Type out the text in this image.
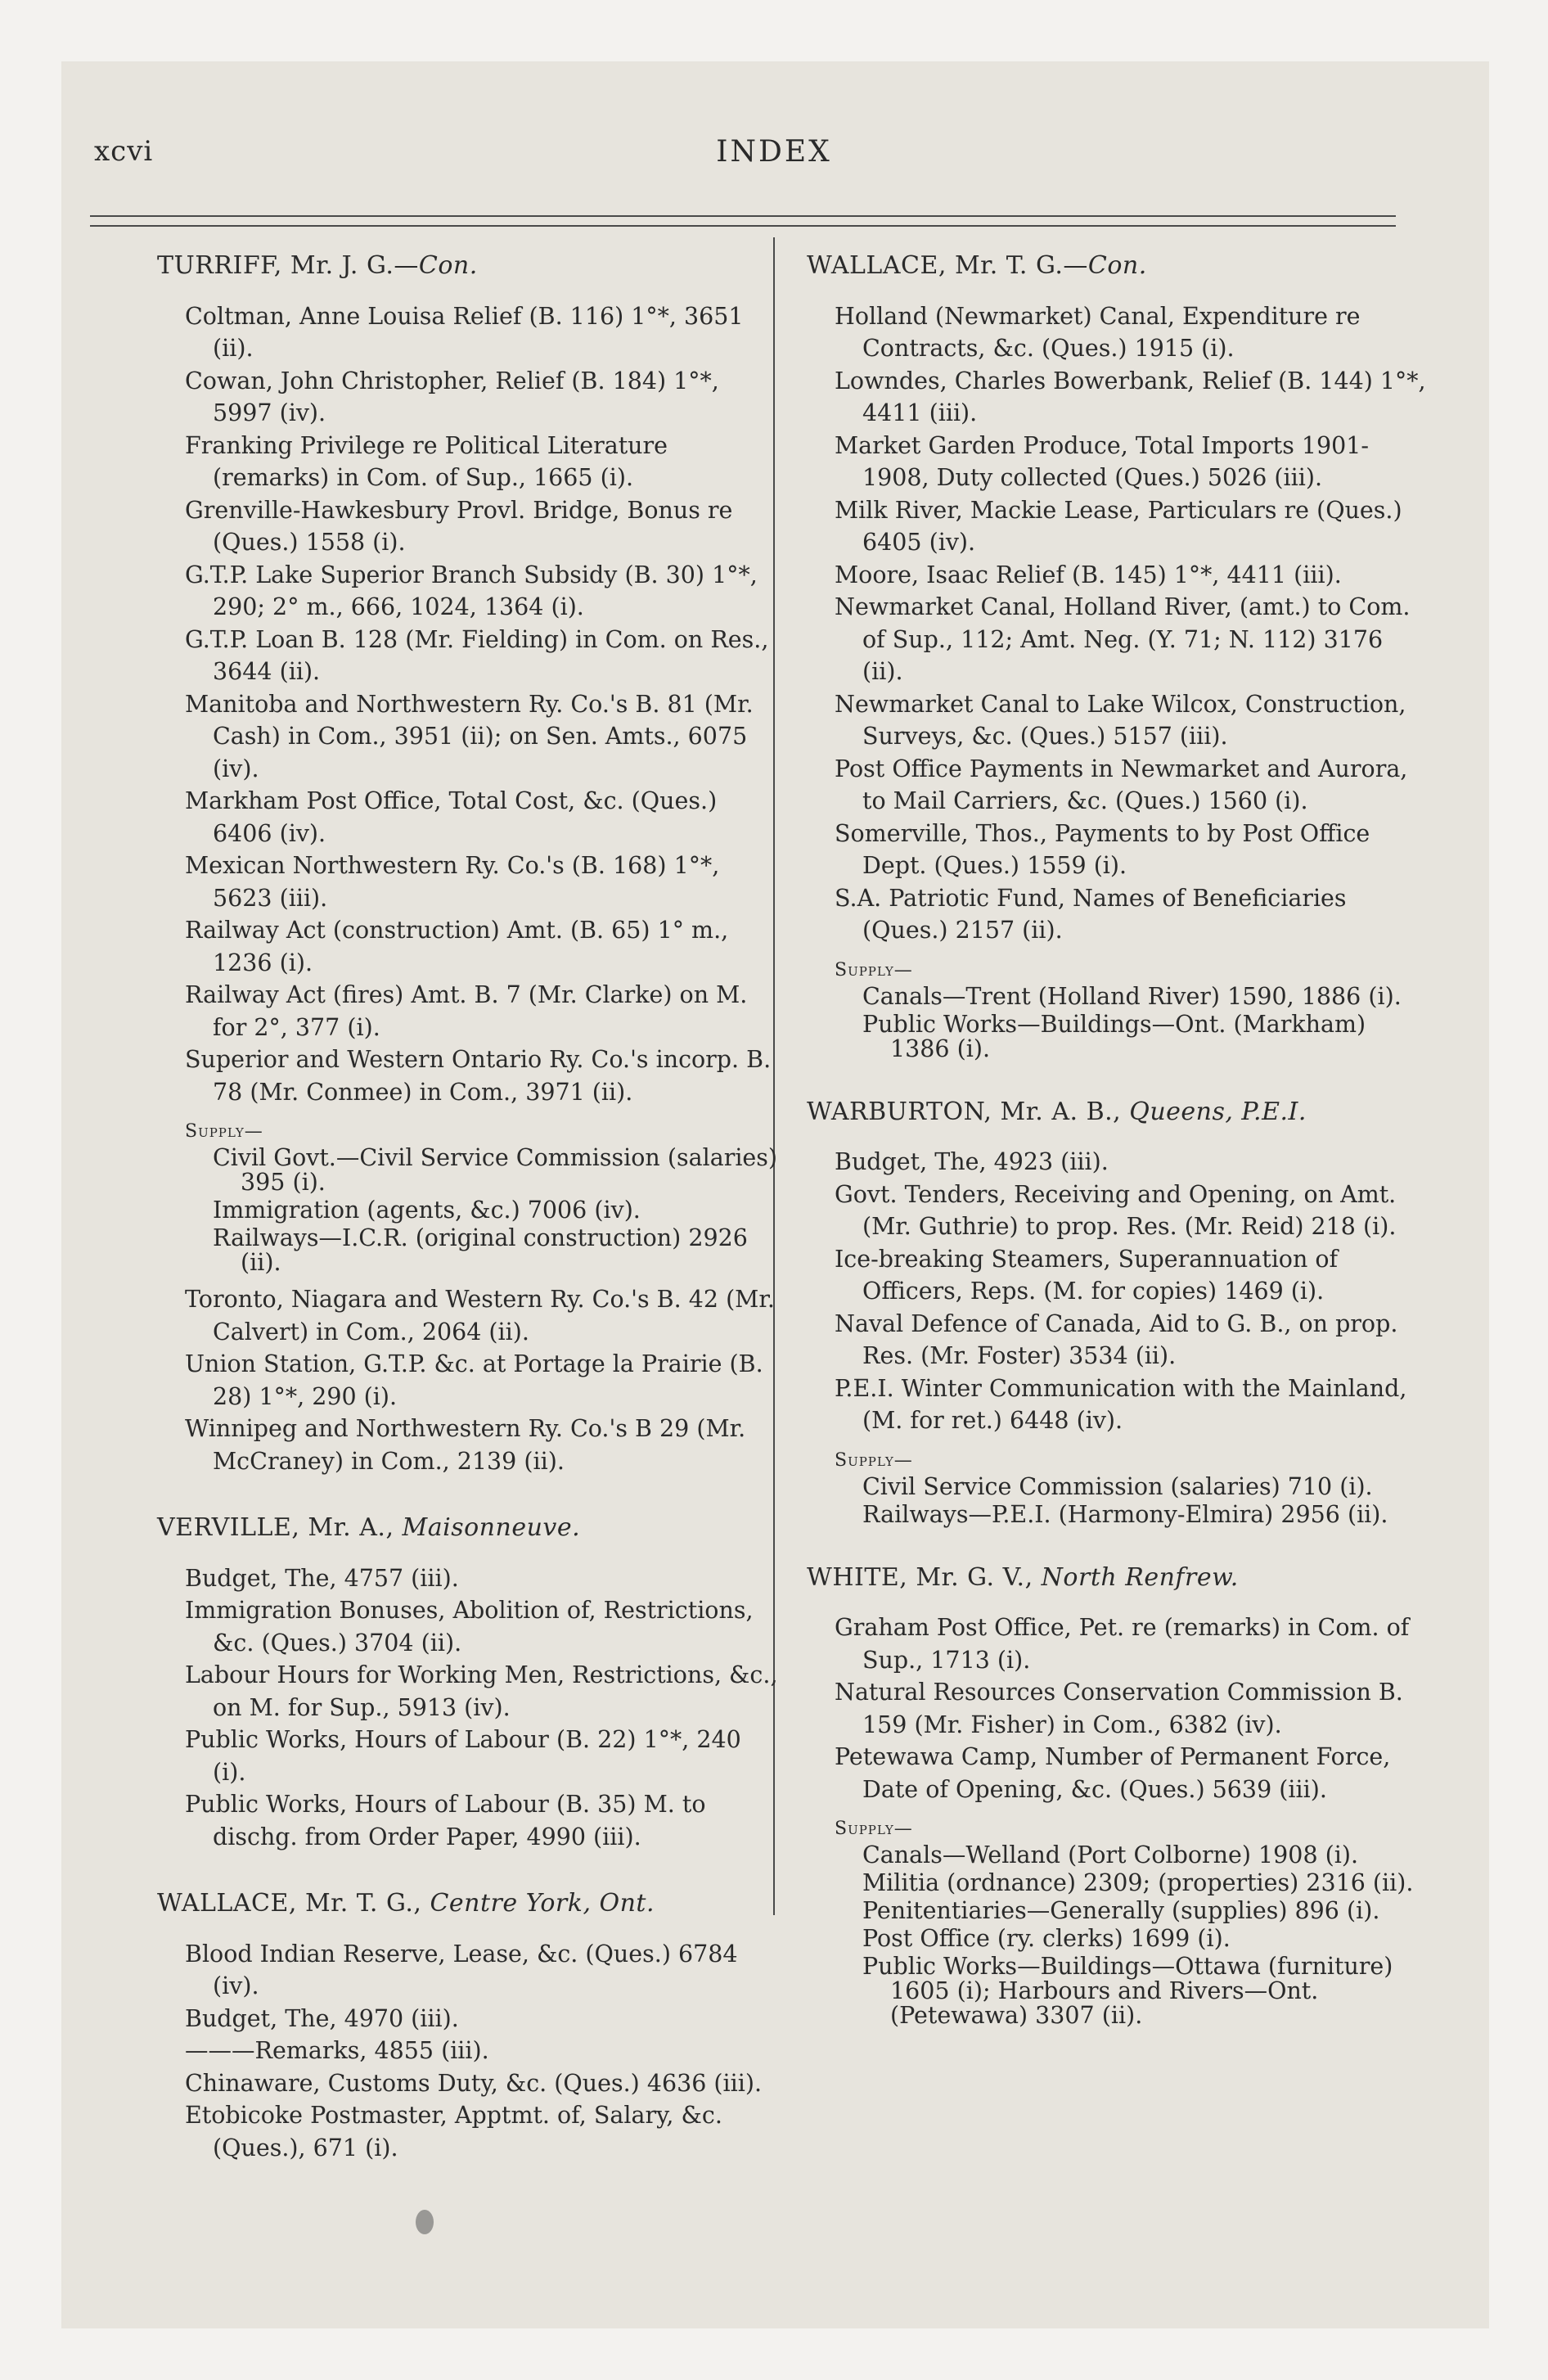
xcvi	INDEX
TURRIFF, Mr. J. G.—Con.
Coltman, Anne Louisa Relief (B. 116) 1°*, 3651 (ii).
Cowan, John Christopher, Relief (B. 184) 1°*, 5997 (iv).
Franking Privilege re Political Literature (remarks) in Com. of Sup., 1665 (i).
Grenville-Hawkesbury Provl. Bridge, Bonus re (Ques.) 1558 (i).
G.T.P. Lake Superior Branch Subsidy (B. 30) 1°*, 290; 2° m., 666, 1024, 1364 (i).
G.T.P. Loan B. 128 (Mr. Fielding) in Com. on Res., 3644 (ii).
Manitoba and Northwestern Ry. Co.'s B. 81 (Mr. Cash) in Com., 3951 (ii); on Sen. Amts., 6075 (iv).
Markham Post Office, Total Cost, &c. (Ques.) 6406 (iv).
Mexican Northwestern Ry. Co.'s (B. 168) 1°*, 5623 (iii).
Railway Act (construction) Amt. (B. 65) 1° m., 1236 (i).
Railway Act (fires) Amt. B. 7 (Mr. Clarke) on M. for 2°, 377 (i).
Superior and Western Ontario Ry. Co.'s incorp. B. 78 (Mr. Conmee) in Com., 3971 (ii).
Supply—
Civil Govt.—Civil Service Commission (salaries) 395 (i).
Immigration (agents, &c.) 7006 (iv).
Railways—I.C.R. (original construction) 2926 (ii).
Toronto, Niagara and Western Ry. Co.'s B. 42 (Mr. Calvert) in Com., 2064 (ii).
Union Station, G.T.P. &c. at Portage la Prairie (B. 28) 1°*, 290 (i).
Winnipeg and Northwestern Ry. Co.'s B 29 (Mr. McCraney) in Com., 2139 (ii).
VERVILLE, Mr. A., Maisonneuve.
Budget, The, 4757 (iii).
Immigration Bonuses, Abolition of, Restrictions, &c. (Ques.) 3704 (ii).
Labour Hours for Working Men, Restrictions, &c., on M. for Sup., 5913 (iv).
Public Works, Hours of Labour (B. 22) 1°*, 240 (i).
Public Works, Hours of Labour (B. 35) M. to dischg. from Order Paper, 4990 (iii).
WALLACE, Mr. T. G., Centre York, Ont.
Blood Indian Reserve, Lease, &c. (Ques.) 6784 (iv).
Budget, The, 4970 (iii).
———Remarks, 4855 (iii).
Chinaware, Customs Duty, &c. (Ques.) 4636 (iii).
Etobicoke Postmaster, Apptmt. of, Salary, &c. (Ques.), 671 (i).
WALLACE, Mr. T. G.—Con.
Holland (Newmarket) Canal, Expenditure re Contracts, &c. (Ques.) 1915 (i).
Lowndes, Charles Bowerbank, Relief (B. 144) 1°*, 4411 (iii).
Market Garden Produce, Total Imports 1901-1908, Duty collected (Ques.) 5026 (iii).
Milk River, Mackie Lease, Particulars re (Ques.) 6405 (iv).
Moore, Isaac Relief (B. 145) 1°*, 4411 (iii).
Newmarket Canal, Holland River, (amt.) to Com. of Sup., 112; Amt. Neg. (Y. 71; N. 112) 3176 (ii).
Newmarket Canal to Lake Wilcox, Construction, Surveys, &c. (Ques.) 5157 (iii).
Post Office Payments in Newmarket and Aurora, to Mail Carriers, &c. (Ques.) 1560 (i).
Somerville, Thos., Payments to by Post Office Dept. (Ques.) 1559 (i).
S.A. Patriotic Fund, Names of Beneficiaries (Ques.) 2157 (ii).
Supply—
Canals—Trent (Holland River) 1590, 1886 (i).
Public Works—Buildings—Ont. (Markham) 1386 (i).
WARBURTON, Mr. A. B., Queens, P.E.I.
Budget, The, 4923 (iii).
Govt. Tenders, Receiving and Opening, on Amt. (Mr. Guthrie) to prop. Res. (Mr. Reid) 218 (i).
Ice-breaking Steamers, Superannuation of Officers, Reps. (M. for copies) 1469 (i).
Naval Defence of Canada, Aid to G. B., on prop. Res. (Mr. Foster) 3534 (ii).
P.E.I. Winter Communication with the Mainland, (M. for ret.) 6448 (iv).
Supply—
Civil Service Commission (salaries) 710 (i).
Railways—P.E.I. (Harmony-Elmira) 2956 (ii).
WHITE, Mr. G. V., North Renfrew.
Graham Post Office, Pet. re (remarks) in Com. of Sup., 1713 (i).
Natural Resources Conservation Commission B. 159 (Mr. Fisher) in Com., 6382 (iv).
Petewawa Camp, Number of Permanent Force, Date of Opening, &c. (Ques.) 5639 (iii).
Supply—
Canals—Welland (Port Colborne) 1908 (i).
Militia (ordnance) 2309; (properties) 2316 (ii).
Penitentiaries—Generally (supplies) 896 (i).
Post Office (ry. clerks) 1699 (i).
Public Works—Buildings—Ottawa (furniture) 1605 (i); Harbours and Rivers—Ont. (Petewawa) 3307 (ii).
